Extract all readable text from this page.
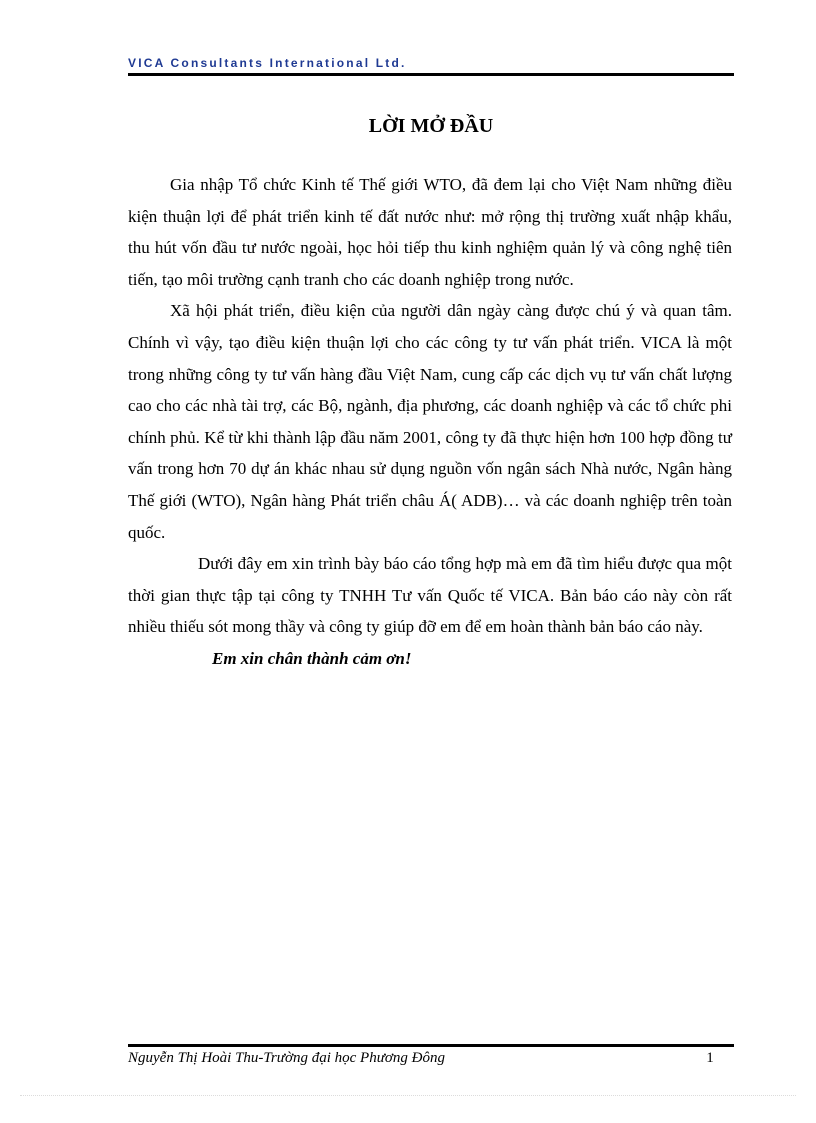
VICA Consultants International Ltd.
LỜI MỞ ĐẦU

Gia nhập Tổ chức Kinh tế Thế giới WTO, đã đem lại cho Việt Nam những điều kiện thuận lợi để phát triển kinh tế đất nước như: mở rộng thị trường xuất nhập khẩu, thu hút vốn đầu tư nước ngoài, học hỏi tiếp thu kinh nghiệm quản lý và công nghệ tiên tiến, tạo môi trường cạnh tranh cho các doanh nghiệp trong nước.

Xã hội phát triển, điều kiện của người dân ngày càng được chú ý và quan tâm. Chính vì vậy, tạo điều kiện thuận lợi cho các công ty tư vấn phát triển. VICA là một trong những công ty tư vấn hàng đầu Việt Nam, cung cấp các dịch vụ tư vấn chất lượng cao cho các nhà tài trợ, các Bộ, ngành, địa phương, các doanh nghiệp và các tổ chức phi chính phủ. Kể từ khi thành lập đầu năm 2001, công ty đã thực hiện hơn 100 hợp đồng tư vấn trong hơn 70 dự án khác nhau sử dụng nguồn vốn ngân sách Nhà nước, Ngân hàng Thế giới (WTO), Ngân hàng Phát triển châu Á( ADB)… và các doanh nghiệp trên toàn quốc.

Dưới đây em xin trình bày báo cáo tổng hợp mà em đã tìm hiểu được qua một thời gian thực tập tại công ty TNHH Tư vấn Quốc tế VICA. Bản báo cáo này còn rất nhiều thiếu sót mong thầy và công ty giúp đỡ em để em hoàn thành bản báo cáo này.

Em xin chân thành cảm ơn!

Nguyễn Thị Hoài Thu-Trường đại học Phương Đông	1
